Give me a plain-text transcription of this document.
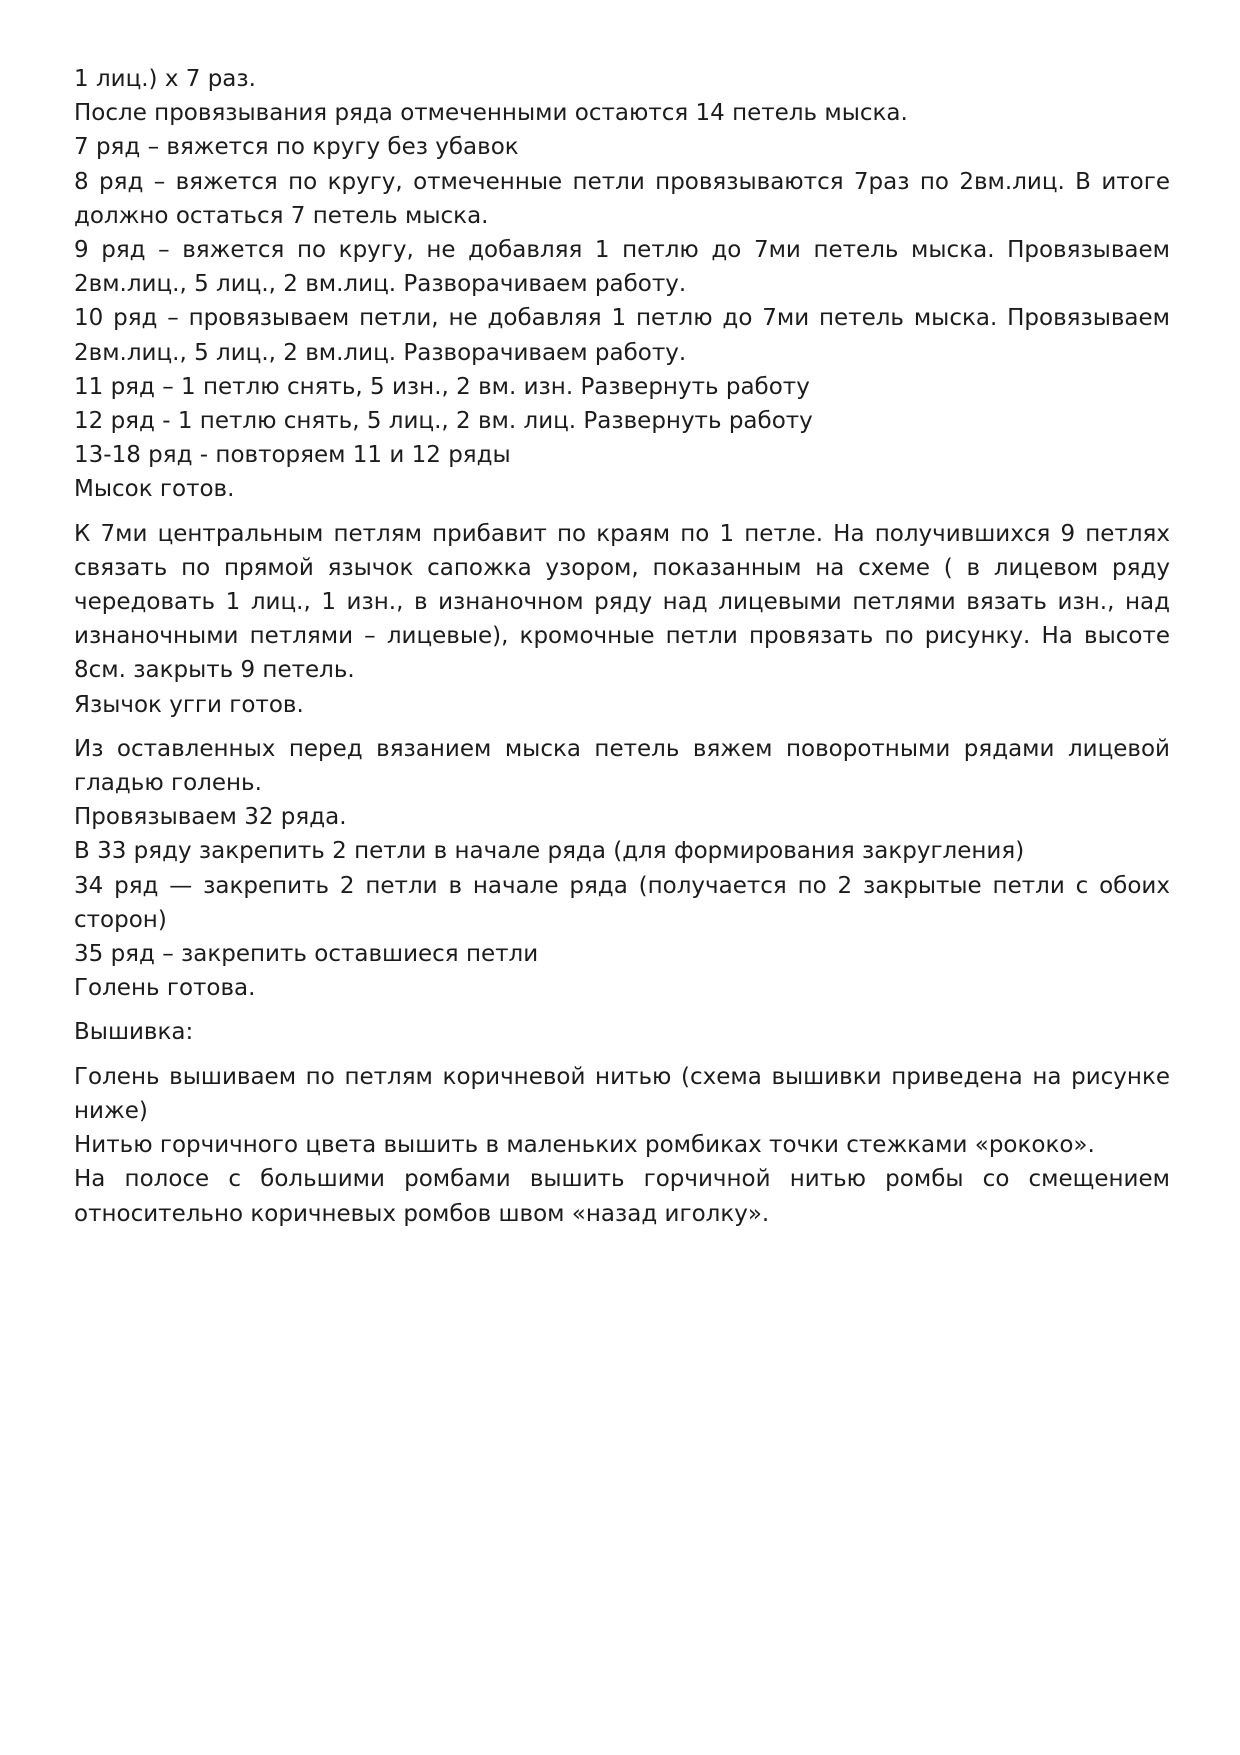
1 лиц.) х 7 раз.
После провязывания ряда отмеченными остаются 14 петель мыска.
7 ряд – вяжется по кругу без убавок

8 ряд – вяжется по кругу, отмеченные петли провязываются 7раз по 2вм.лиц. В итоге должно остаться 7 петель мыска.

9 ряд – вяжется по кругу, не добавляя 1 петлю до 7ми петель мыска. Провязываем 2вм.лиц., 5 лиц., 2 вм.лиц. Разворачиваем работу.

10 ряд – провязываем петли, не добавляя 1 петлю до 7ми петель мыска. Провязываем 2вм.лиц., 5 лиц., 2 вм.лиц. Разворачиваем работу.

11 ряд – 1 петлю снять, 5 изн., 2 вм. изн. Развернуть работу
12 ряд - 1 петлю снять, 5 лиц., 2 вм. лиц. Развернуть работу
13-18 ряд - повторяем 11 и 12 ряды
Мысок готов.

К 7ми центральным петлям прибавит по краям по 1 петле. На получившихся 9 петлях связать по прямой язычок сапожка узором, показанным на схеме ( в лицевом ряду чередовать 1 лиц., 1 изн., в изнаночном ряду над лицевыми петлями вязать изн., над изнаночными петлями – лицевые), кромочные петли провязать по рисунку. На высоте 8см. закрыть 9 петель.

Язычок угги готов.

Из оставленных перед вязанием мыска петель вяжем поворотными рядами лицевой гладью голень.

Провязываем 32 ряда.
В 33 ряду закрепить 2 петли в начале ряда (для формирования закругления)

34 ряд — закрепить 2 петли в начале ряда (получается по 2 закрытые петли с обоих сторон)

35 ряд – закрепить оставшиеся петли
Голень готова.

Вышивка:

Голень вышиваем по петлям коричневой нитью (схема вышивки приведена на рисунке ниже)

Нитью горчичного цвета вышить в маленьких ромбиках точки стежками «рококо».

На полосе с большими ромбами вышить горчичной нитью ромбы со смещением относительно коричневых ромбов швом «назад иголку».
